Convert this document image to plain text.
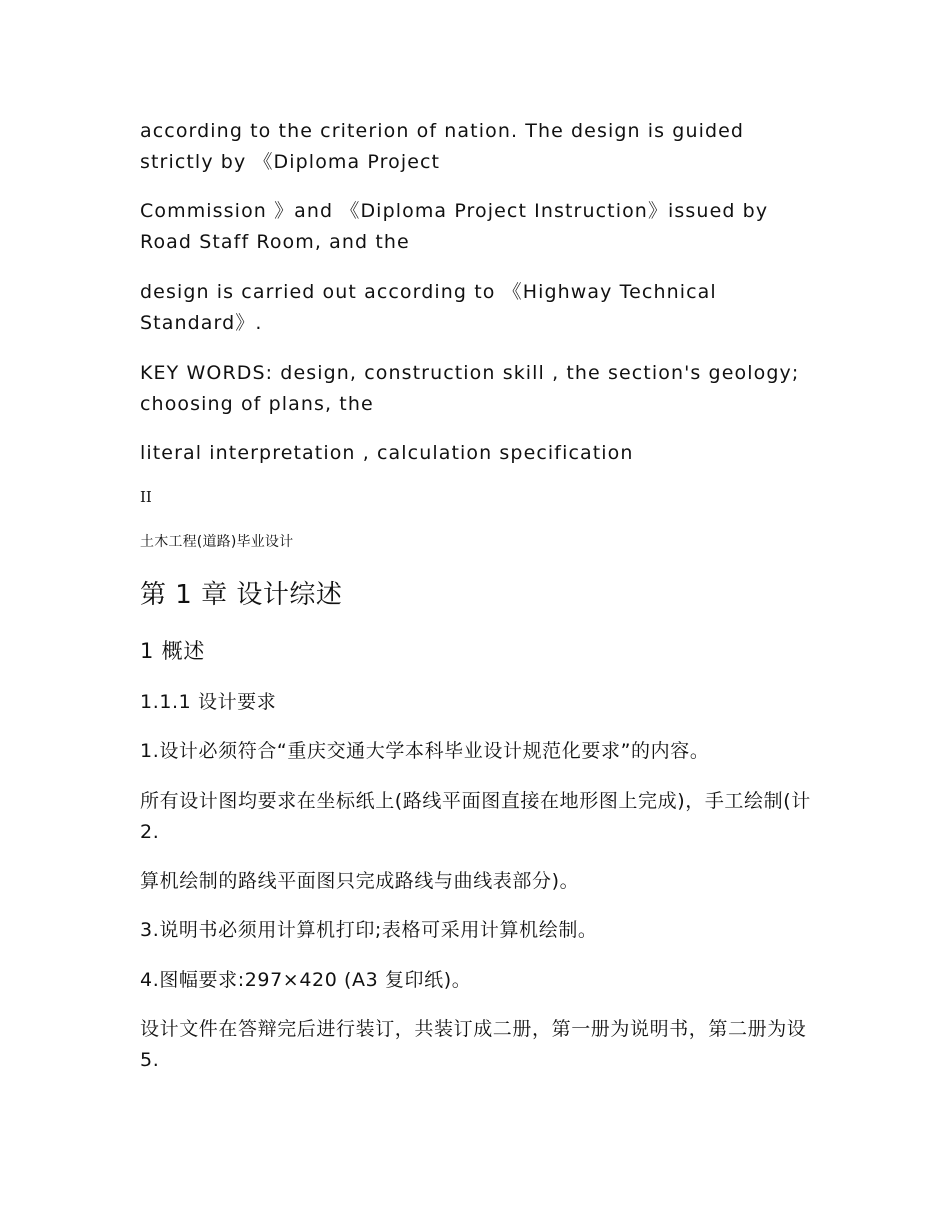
according to the criterion of nation. The design is guided strictly by 《Diploma Project

Commission 》and 《Diploma Project Instruction》issued by Road Staff Room, and the

design is carried out according to 《Highway Technical Standard》.

KEY WORDS: design, construction skill , the section's geology; choosing of plans, the

literal interpretation , calculation specification

II

土木工程(道路)毕业设计

第 1 章 设计综述
1 概述

1.1.1 设计要求

1.设计必须符合“重庆交通大学本科毕业设计规范化要求”的内容。

所有设计图均要求在坐标纸上(路线平面图直接在地形图上完成)，手工绘制(计 2.

算机绘制的路线平面图只完成路线与曲线表部分)。

3.说明书必须用计算机打印;表格可采用计算机绘制。

4.图幅要求:297×420 (A3 复印纸)。

设计文件在答辩完后进行装订，共装订成二册，第一册为说明书，第二册为设 5.
